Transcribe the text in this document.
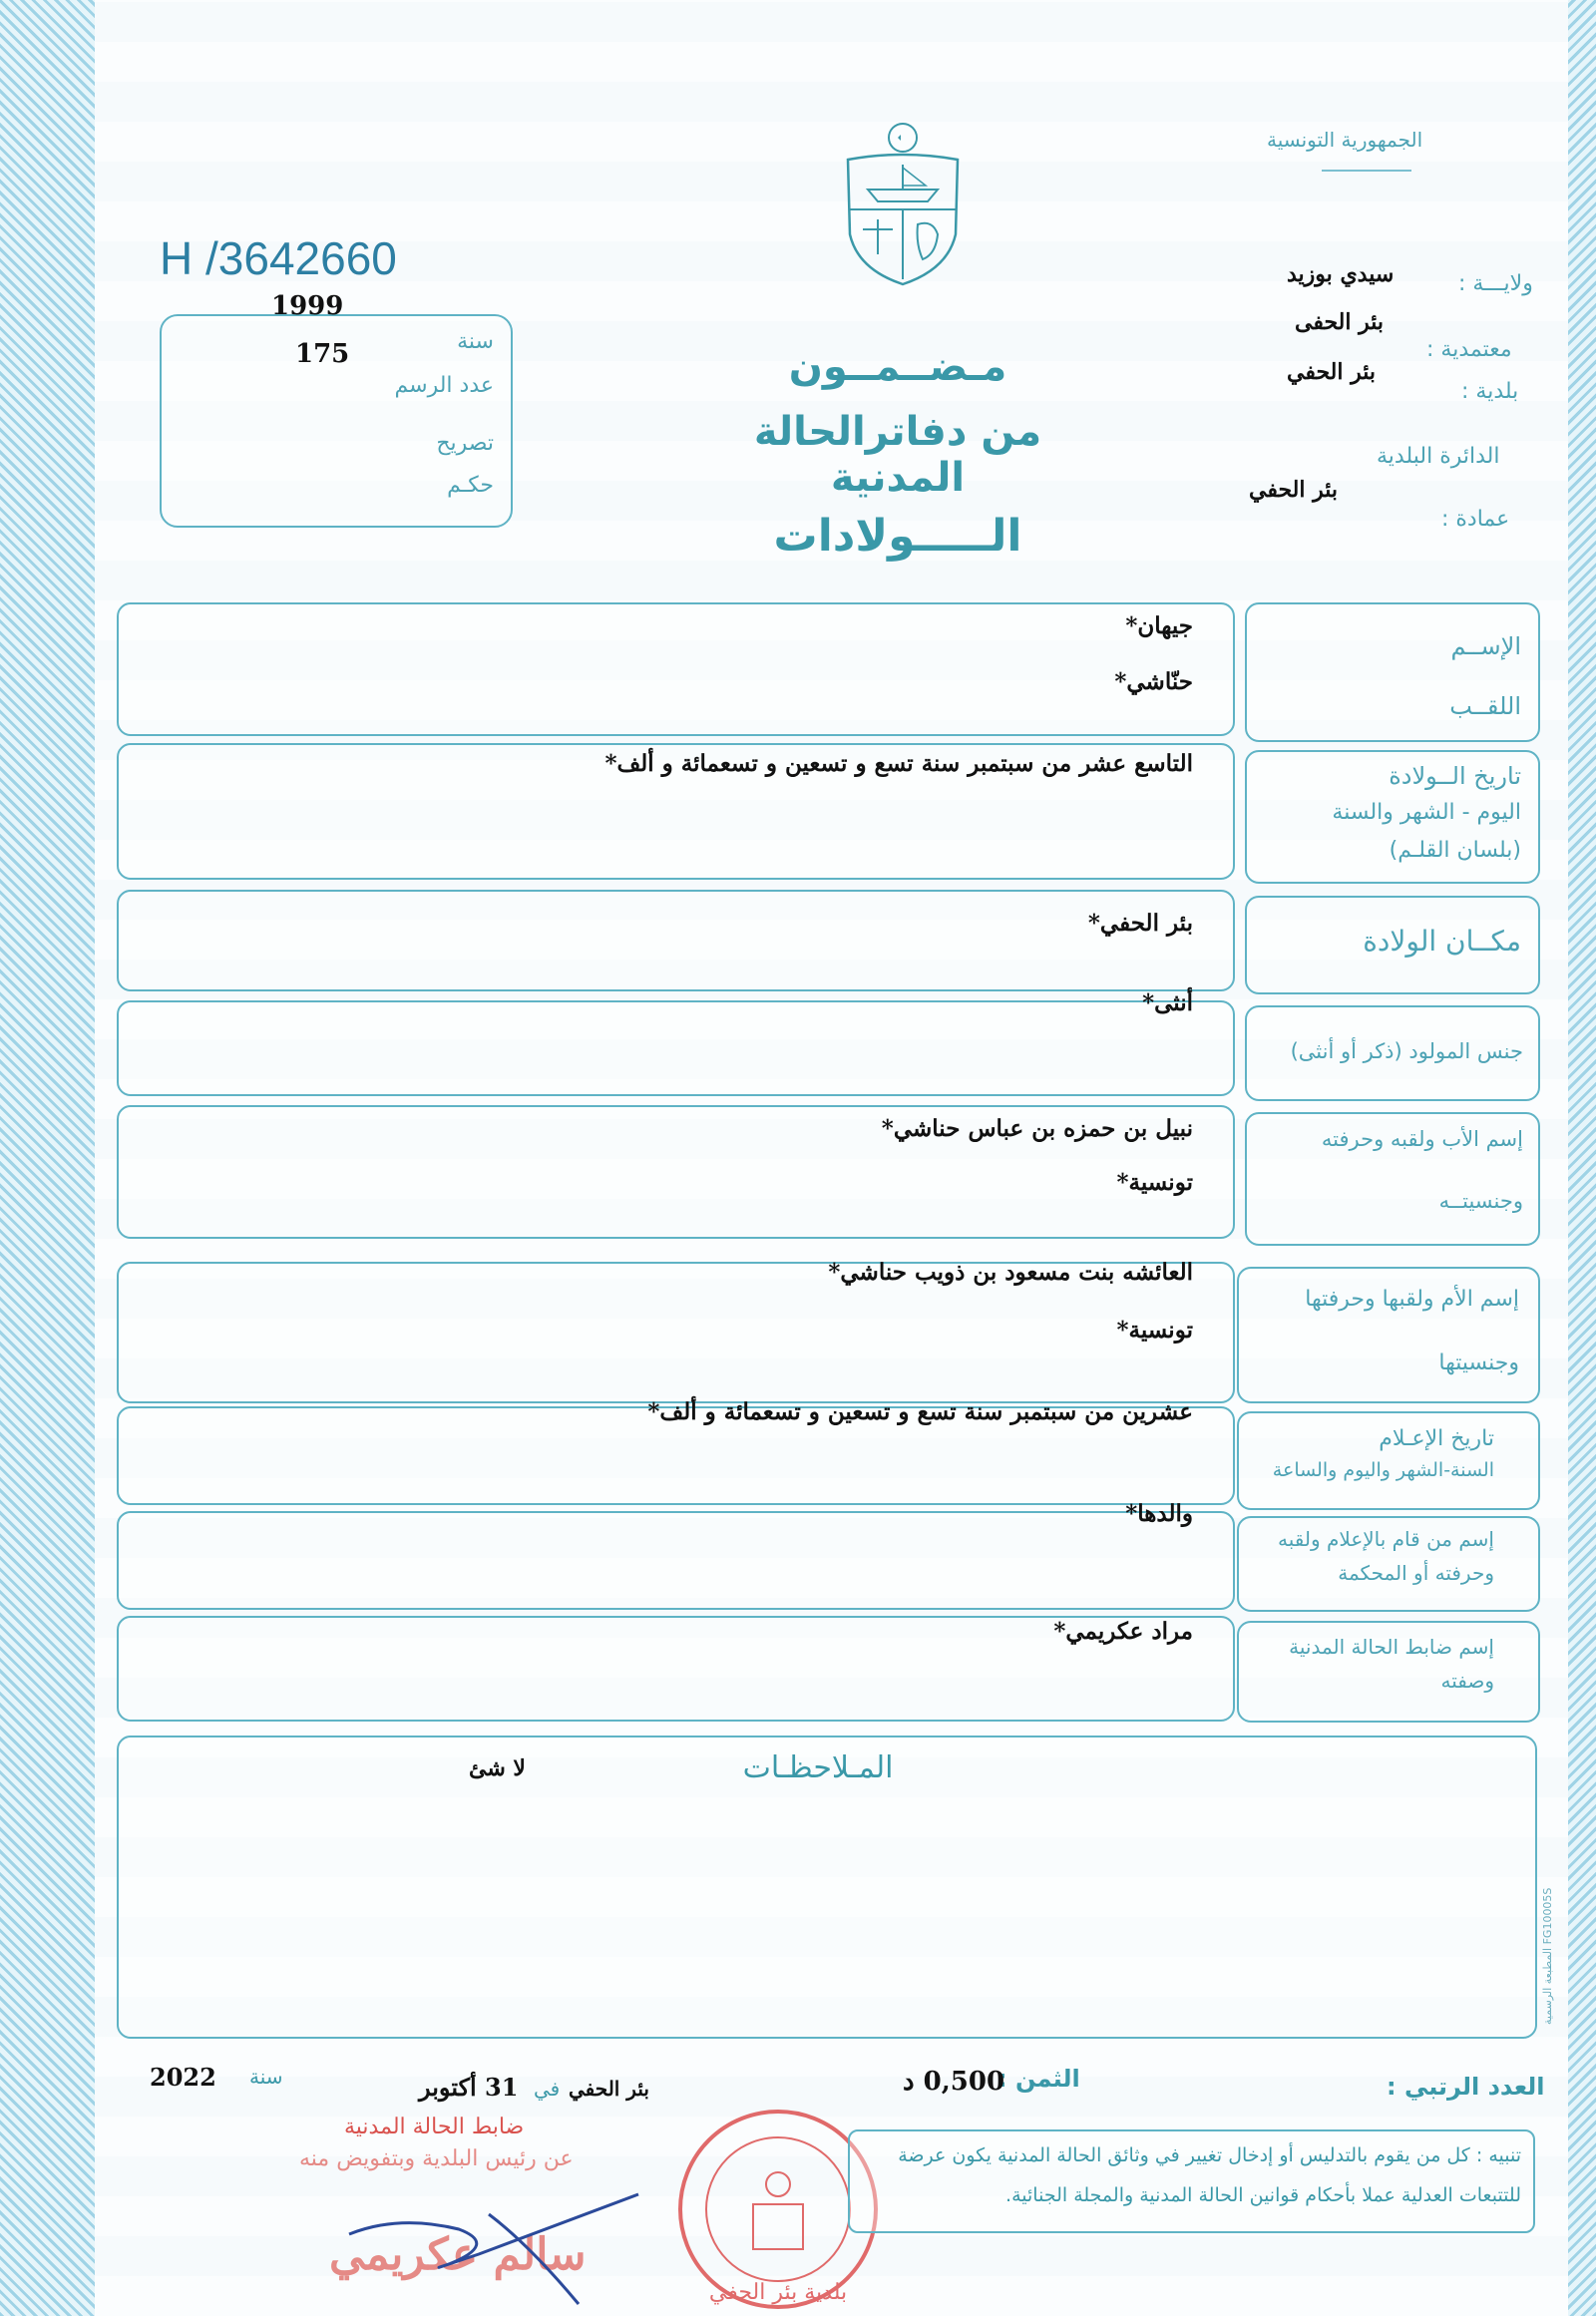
الجمهورية التونسية
ولايـــة :
سيدي بوزيد
معتمدية :
بئر الحفى
بلدية :
بئر الحفي
الدائرة البلدية
عمادة :
بئر الحفي
H /3642660
1999
175	سنة
عدد الرسم
تصريح
حكـم
مـضــمــون
من دفاترالحالة المدنية
الـــــولادات
الإســم
اللقــب
جيهان*
حنّاشي*
تاريخ الــولادة
اليوم - الشهر والسنة
(بلسان القلـم)
التاسع عشر من سبتمبر سنة تسع و تسعين و تسعمائة و ألف*
مكــان الولادة
بئر الحفي*
جنس المولود (ذكر أو أنثى)
أنثى*
إسم الأب ولقبه وحرفته
وجنسيتــه
نبيل بن حمزه بن عباس حناشي*
تونسية*
إسم الأم ولقبها وحرفتها
وجنسيتها
العائشه بنت مسعود بن ذويب حناشي*
تونسية*
تاريخ الإعـلام
السنة-الشهر واليوم والساعة
عشرين من سبتمبر سنة تسع و تسعين و تسعمائة و ألف*
إسم من قام بالإعلام ولقبه
وحرفته أو المحكمة
والدها*
إسم ضابط الحالة المدنية
وصفته
مراد عكريمي*
المـلاحظـات
لا شئ
المطبعة الرسمية FG10005S
العدد الرتبي :
الثمن :
0,500 د
بئر الحفي
في
31 أكتوبر
سنة
2022
ضابط الحالة المدنية
عن رئيس البلدية وبتفويض منه
سالم عكريمي
بلدية بئر الحفي
تنبيه : كل من يقوم بالتدليس أو إدخال تغيير في وثائق الحالة المدنية يكون عرضة
للتتبعات العدلية عملا بأحكام قوانين الحالة المدنية والمجلة الجنائية.
